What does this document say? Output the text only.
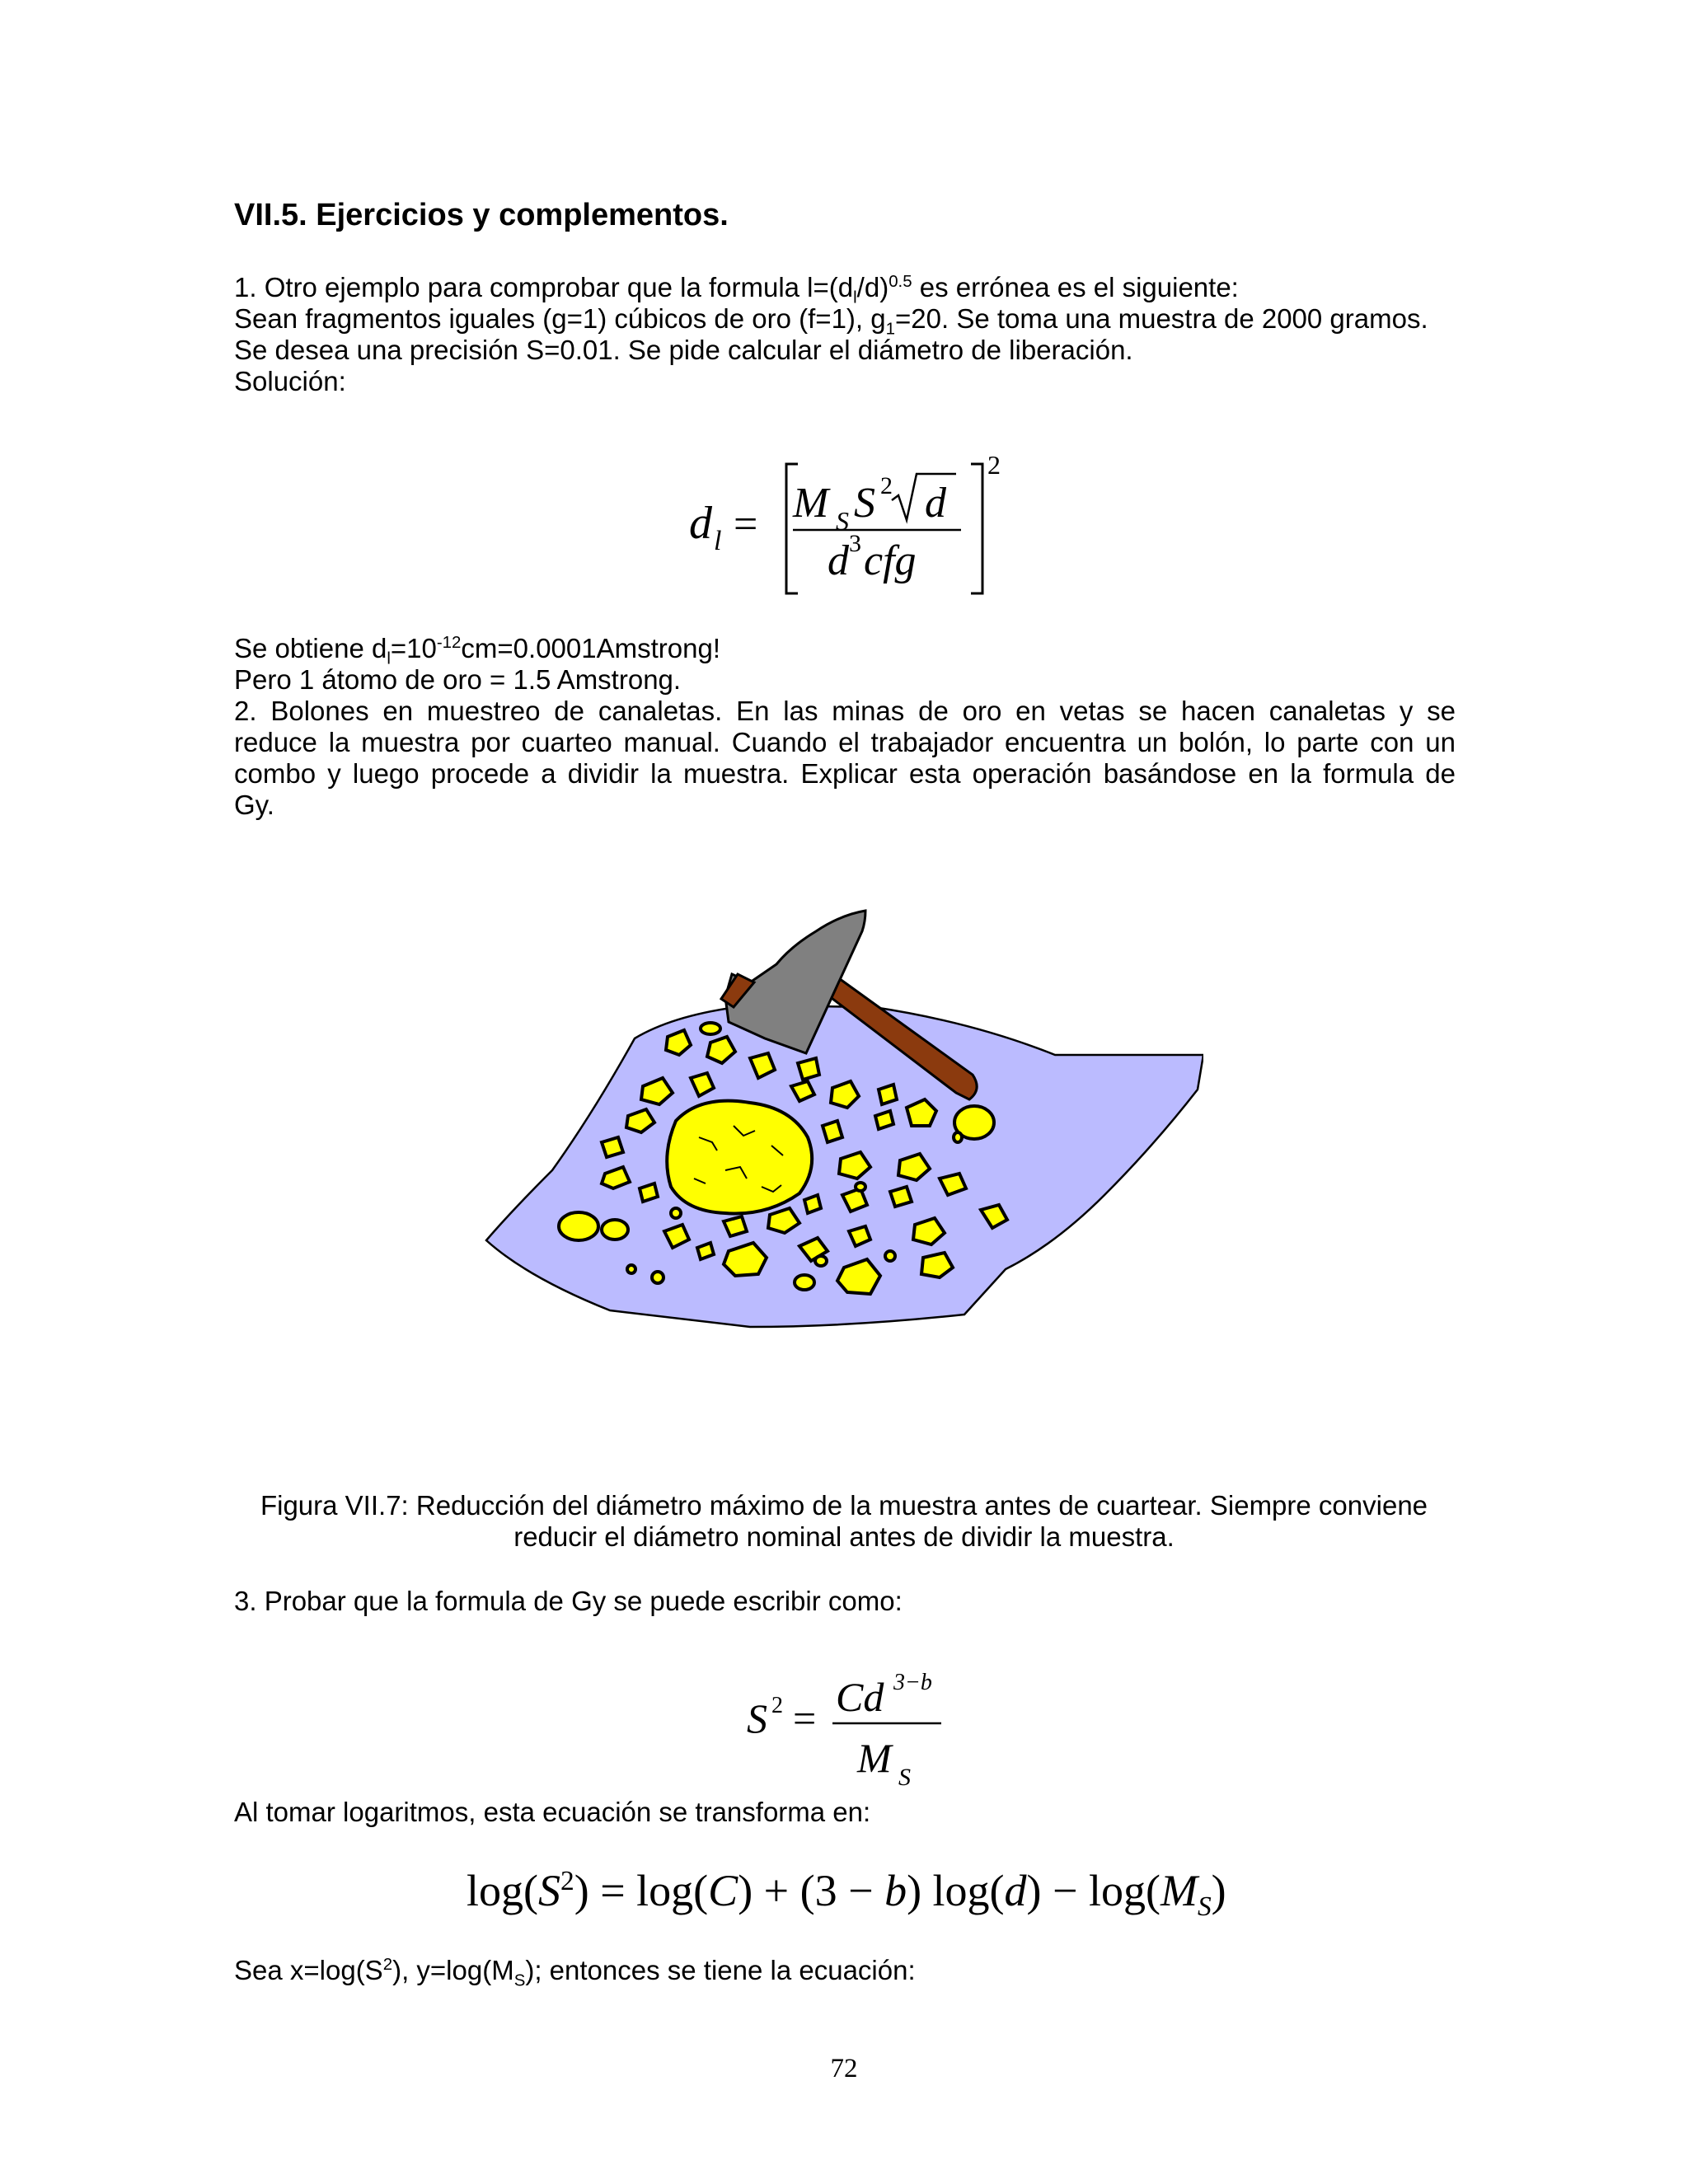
VII.5. Ejercicios y complementos.
1. Otro ejemplo para comprobar que la formula $l=(d_l/d)^{0.5}$ es errónea es el siguiente:
Sean fragmentos iguales (g=1) cúbicos de oro (f=1), $g_1=20$. Se toma una muestra de 2000 gramos.
Se desea una precisión S=0.01. Se pide calcular el diámetro de liberación.
Solución:
d l = M S S 2 d
d 3 cfg
2
Se obtiene $d_l=10^{-12}cm=0.0001Amstrong$!
Pero 1 átomo de oro = 1.5 Amstrong.
2. Bolones en muestreo de canaletas. En las minas de oro en vetas se hacen canaletas y se
reduce la muestra por cuarteo manual. Cuando el trabajador encuentra un bolón, lo parte con un
combo y luego procede a dividir la muestra. Explicar esta operación basándose en la formula de
Gy.
Figura VII.7: Reducción del diámetro máximo de la muestra antes de cuartear. Siempre conviene
reducir el diámetro nominal antes de dividir la muestra.
3. Probar que la formula de Gy se puede escribir como:
S 2 = Cd 3−b
M S
Al tomar logaritmos, esta ecuación se transforma en:
$\log(S^2) = \log(C) + (3 - b) \log(d) - \log(M_S)$
Sea $x=\log(S^2)$, $y=\log(M_S)$; entonces se tiene la ecuación:
72
